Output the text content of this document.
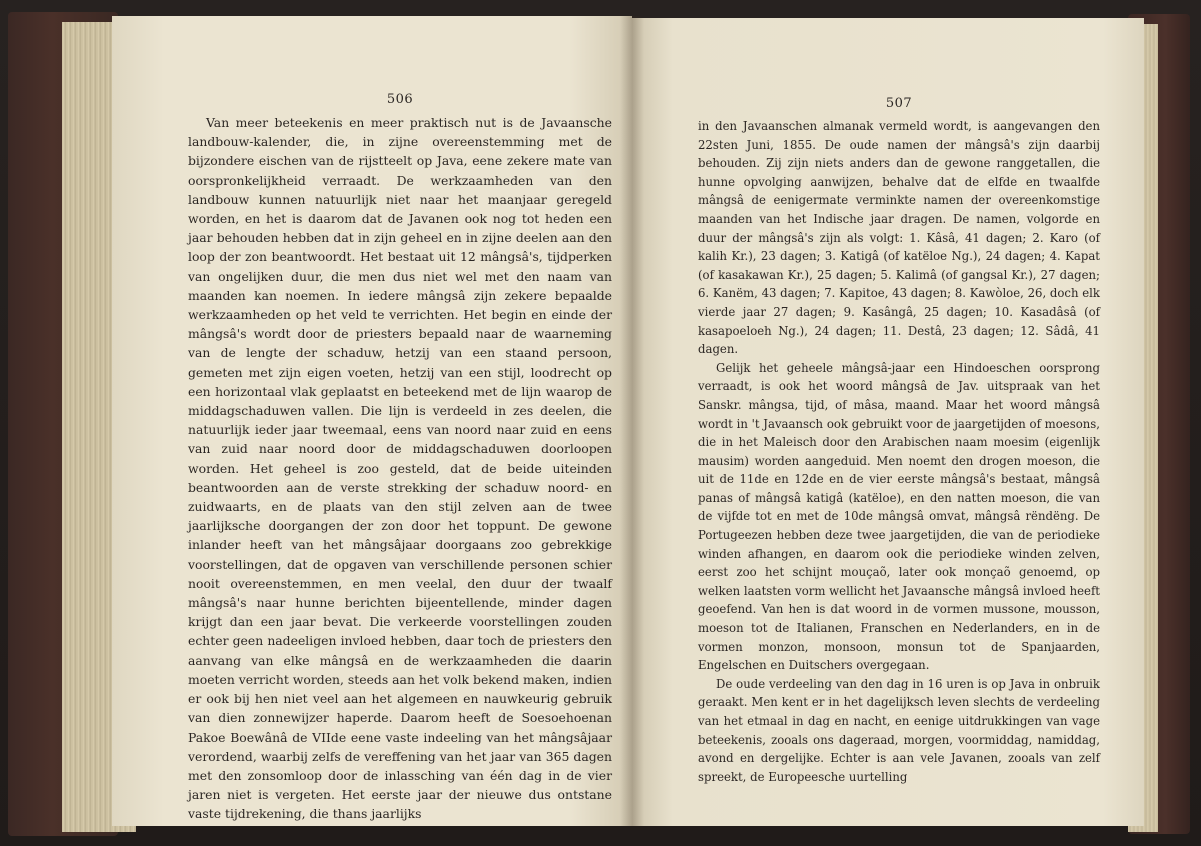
506

Van meer beteekenis en meer praktisch nut is de Javaansche landbouw-kalender, die, in zijne overeenstemming met de bijzondere eischen van de rijstteelt op Java, eene zekere mate van oorspronkelijkheid verraadt. De werkzaamheden van den landbouw kunnen natuurlijk niet naar het maanjaar geregeld worden, en het is daarom dat de Javanen ook nog tot heden een jaar behouden hebben dat in zijn geheel en in zijne deelen aan den loop der zon beantwoordt. Het bestaat uit 12 mângsâ's, tijdperken van ongelijken duur, die men dus niet wel met den naam van maanden kan noemen. In iedere mângsâ zijn zekere bepaalde werkzaamheden op het veld te verrichten. Het begin en einde der mângsâ's wordt door de priesters bepaald naar de waarneming van de lengte der schaduw, hetzij van een staand persoon, gemeten met zijn eigen voeten, hetzij van een stijl, loodrecht op een horizontaal vlak geplaatst en beteekend met de lijn waarop de middagschaduwen vallen. Die lijn is verdeeld in zes deelen, die natuurlijk ieder jaar tweemaal, eens van noord naar zuid en eens van zuid naar noord door de middagschaduwen doorloopen worden. Het geheel is zoo gesteld, dat de beide uiteinden beantwoorden aan de verste strekking der schaduw noord- en zuidwaarts, en de plaats van den stijl zelven aan de twee jaarlijksche doorgangen der zon door het toppunt. De gewone inlander heeft van het mângsâjaar doorgaans zoo gebrekkige voorstellingen, dat de opgaven van verschillende personen schier nooit overeenstemmen, en men veelal, den duur der twaalf mângsâ's naar hunne berichten bijeentellende, minder dagen krijgt dan een jaar bevat. Die verkeerde voorstellingen zouden echter geen nadeeligen invloed hebben, daar toch de priesters den aanvang van elke mângsâ en de werkzaamheden die daarin moeten verricht worden, steeds aan het volk bekend maken, indien er ook bij hen niet veel aan het algemeen en nauwkeurig gebruik van dien zonnewijzer haperde. Daarom heeft de Soesoehoenan Pakoe Boewânâ de VIIde eene vaste indeeling van het mângsâjaar verordend, waarbij zelfs de vereffening van het jaar van 365 dagen met den zonsomloop door de inlassching van één dag in de vier jaren niet is vergeten. Het eerste jaar der nieuwe dus ontstane vaste tijdrekening, die thans jaarlijks

507

in den Javaanschen almanak vermeld wordt, is aangevangen den 22sten Juni, 1855. De oude namen der mângsâ's zijn daarbij behouden. Zij zijn niets anders dan de gewone ranggetallen, die hunne opvolging aanwijzen, behalve dat de elfde en twaalfde mângsâ de eenigermate verminkte namen der overeenkomstige maanden van het Indische jaar dragen. De namen, volgorde en duur der mângsâ's zijn als volgt: 1. Kâsâ, 41 dagen; 2. Karo (of kalih Kr.), 23 dagen; 3. Katigâ (of katëloe Ng.), 24 dagen; 4. Kapat (of kasakawan Kr.), 25 dagen; 5. Kalimâ (of gangsal Kr.), 27 dagen; 6. Kanëm, 43 dagen; 7. Kapitoe, 43 dagen; 8. Kawòloe, 26, doch elk vierde jaar 27 dagen; 9. Kasângâ, 25 dagen; 10. Kasadâsâ (of kasapoeloeh Ng.), 24 dagen; 11. Destâ, 23 dagen; 12. Sâdâ, 41 dagen.

Gelijk het geheele mângsâ-jaar een Hindoeschen oorsprong verraadt, is ook het woord mângsâ de Jav. uitspraak van het Sanskr. mângsa, tijd, of mâsa, maand. Maar het woord mângsâ wordt in 't Javaansch ook gebruikt voor de jaargetijden of moesons, die in het Maleisch door den Arabischen naam moesim (eigenlijk mausim) worden aangeduid. Men noemt den drogen moeson, die uit de 11de en 12de en de vier eerste mângsâ's bestaat, mângsâ panas of mângsâ katigâ (katëloe), en den natten moeson, die van de vijfde tot en met de 10de mângsâ omvat, mângsâ rëndëng. De Portugeezen hebben deze twee jaargetijden, die van de periodieke winden afhangen, en daarom ook die periodieke winden zelven, eerst zoo het schijnt mouçaõ, later ook monçaõ genoemd, op welken laatsten vorm wellicht het Javaansche mângsâ invloed heeft geoefend. Van hen is dat woord in de vormen mussone, mousson, moeson tot de Italianen, Franschen en Nederlanders, en in de vormen monzon, monsoon, monsun tot de Spanjaarden, Engelschen en Duitschers overgegaan.

De oude verdeeling van den dag in 16 uren is op Java in onbruik geraakt. Men kent er in het dagelijksch leven slechts de verdeeling van het etmaal in dag en nacht, en eenige uitdrukkingen van vage beteekenis, zooals ons dageraad, morgen, voormiddag, namiddag, avond en dergelijke. Echter is aan vele Javanen, zooals van zelf spreekt, de Europeesche uurtelling
